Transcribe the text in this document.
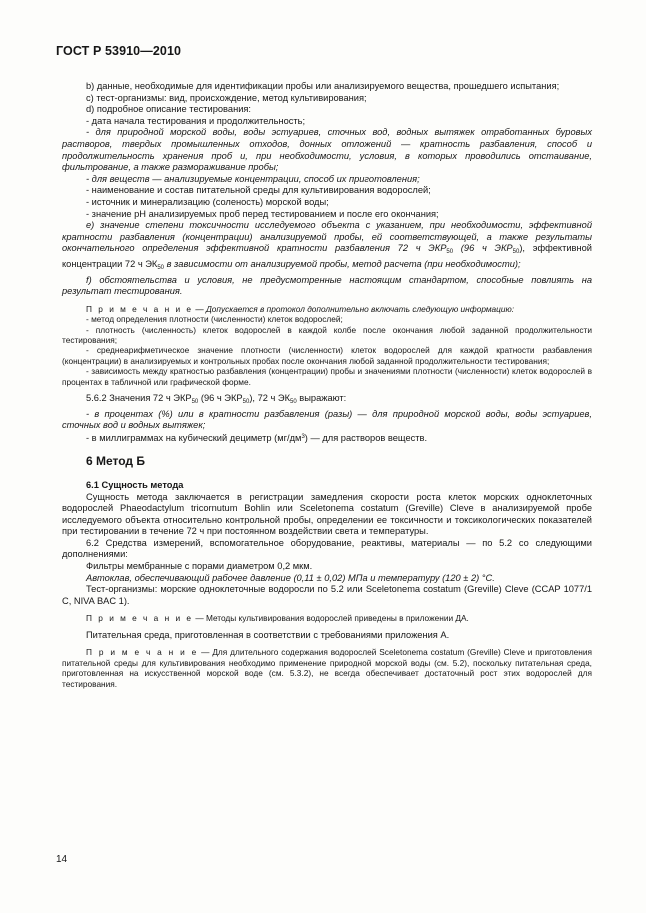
ГОСТ Р 53910—2010

b) данные, необходимые для идентификации пробы или анализируемого вещества, прошедшего испытания;

c) тест-организмы: вид, происхождение, метод культивирования;

d) подробное описание тестирования:

- дата начала тестирования и продолжительность;

- для природной морской воды, воды эстуариев, сточных вод, водных вытяжек отработанных буровых растворов, твердых промышленных отходов, донных отложений — кратность разбавления, способ и продолжительность хранения проб и, при необходимости, условия, в которых проводились отстаивание, фильтрование, а также размораживание пробы;

- для веществ — анализируемые концентрации, способ их приготовления;

- наименование и состав питательной среды для культивирования водорослей;

- источник и минерализацию (соленость) морской воды;

- значение pH анализируемых проб перед тестированием и после его окончания;

e) значение степени токсичности исследуемого объекта с указанием, при необходимости, эффективной кратности разбавления (концентрации) анализируемой пробы, ей соответствующей, а также результаты окончательного определения эффективной кратности разбавления 72 ч $ЭКР_{50}$ (96 ч $ЭКР_{50}$), эффективной концентрации 72 ч $ЭК_{50}$ в зависимости от анализируемой пробы, метод расчета (при необходимости);

f) обстоятельства и условия, не предусмотренные настоящим стандартом, способные повлиять на результат тестирования.

П р и м е ч а н и е — Допускается в протокол дополнительно включать следующую информацию:

- метод определения плотности (численности) клеток водорослей;

- плотность (численность) клеток водорослей в каждой колбе после окончания любой заданной продолжительности тестирования;

- среднеарифметическое значение плотности (численности) клеток водорослей для каждой кратности разбавления (концентрации) в анализируемых и контрольных пробах после окончания любой заданной продолжительности тестирования;

- зависимость между кратностью разбавления (концентрации) пробы и значениями плотности (численности) клеток водорослей в процентах в табличной или графической форме.

5.6.2 Значения 72 ч $ЭКР_{50}$ (96 ч $ЭКР_{50}$), 72 ч $ЭК_{50}$ выражают:

- в процентах (%) или в кратности разбавления (разы) — для природной морской воды, воды эстуариев, сточных вод и водных вытяжек;

- в миллиграммах на кубический дециметр $(мг/дм^3)$ — для растворов веществ.

6 Метод Б

6.1 Сущность метода

Сущность метода заключается в регистрации замедления скорости роста клеток морских одноклеточных водорослей Phaeodactylum tricornutum Bohlin или Sceletonema costatum (Greville) Cleve в анализируемой пробе исследуемого объекта относительно контрольной пробы, определении ее токсичности и токсикологических показателей при тестировании в течение 72 ч при постоянном воздействии света и температуры.

6.2 Средства измерений, вспомогательное оборудование, реактивы, материалы — по 5.2 со следующими дополнениями:

Фильтры мембранные с порами диаметром 0,2 мкм.

Автоклав, обеспечивающий рабочее давление (0,11 ± 0,02) МПа и температуру (120 ± 2) °С.

Тест-организмы: морские одноклеточные водоросли по 5.2 или Sceletonema costatum (Greville) Cleve (CCAP 1077/1 C, NIVA BAC 1).

П р и м е ч а н и е — Методы культивирования водорослей приведены в приложении ДА.

Питательная среда, приготовленная в соответствии с требованиями приложения А.

П р и м е ч а н и е — Для длительного содержания водорослей Sceletonema costatum (Greville) Cleve и приготовления питательной среды для культивирования необходимо применение природной морской воды (см. 5.2), поскольку питательная среда, приготовленная на искусственной морской воде (см. 5.3.2), не всегда обеспечивает достаточный рост этих водорослей для тестирования.

14
